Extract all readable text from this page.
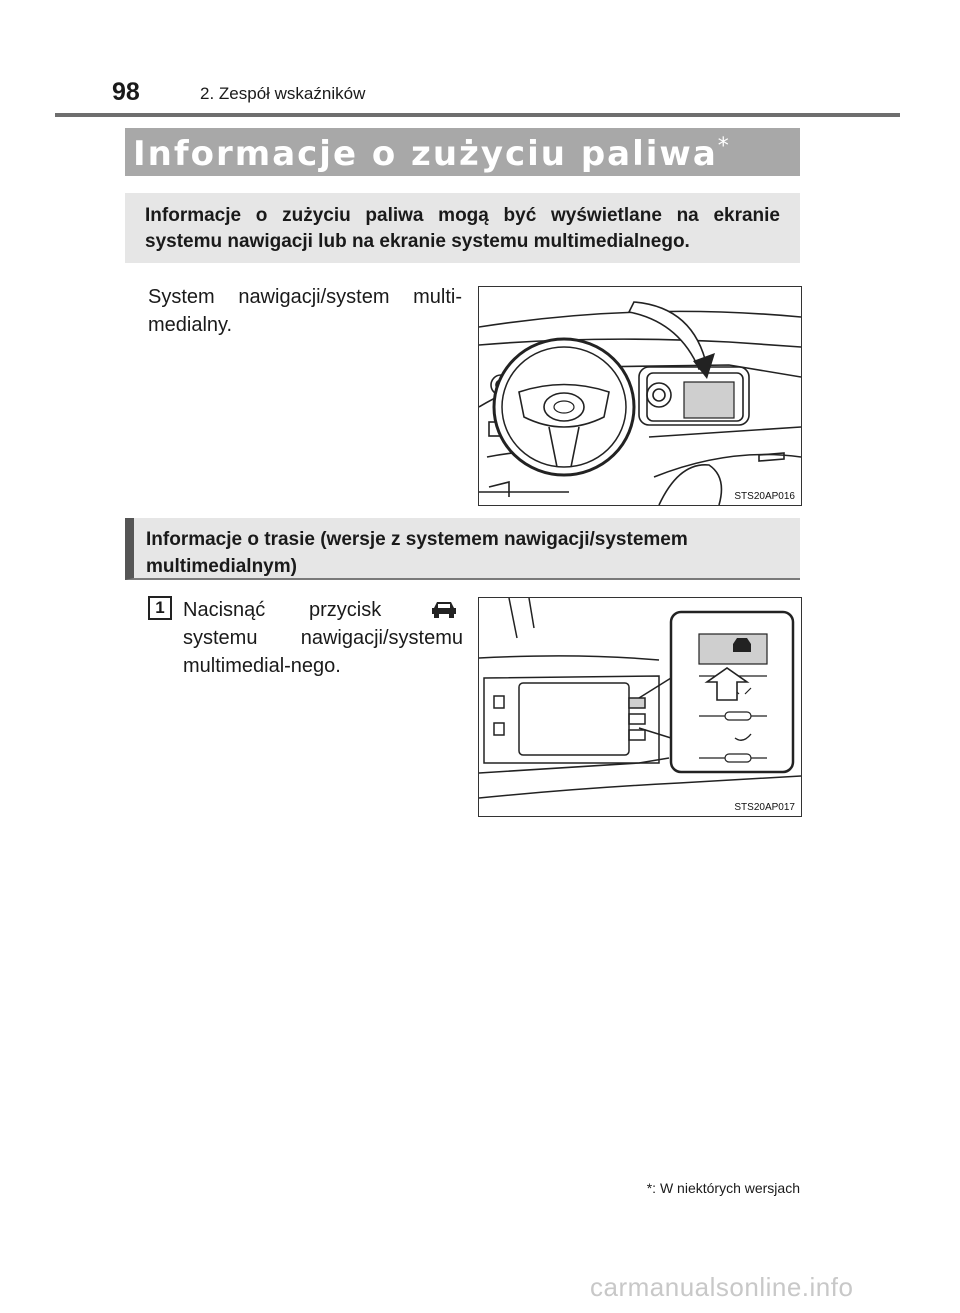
98	2. Zespół wskaźników
Informacje o zużyciu paliwa*
Informacje o zużyciu paliwa mogą być wyświetlane na ekranie systemu nawigacji lub na ekranie systemu multimedialnego.
System nawigacji/system multi-medialny.
STS20AP016
Informacje o trasie (wersje z systemem nawigacji/systemem multimedialnym)
1 Nacisnąć przycisk  systemu nawigacji/systemu multimedial-nego.
STS20AP017
*: W niektórych wersjach
carmanualsonline.info
